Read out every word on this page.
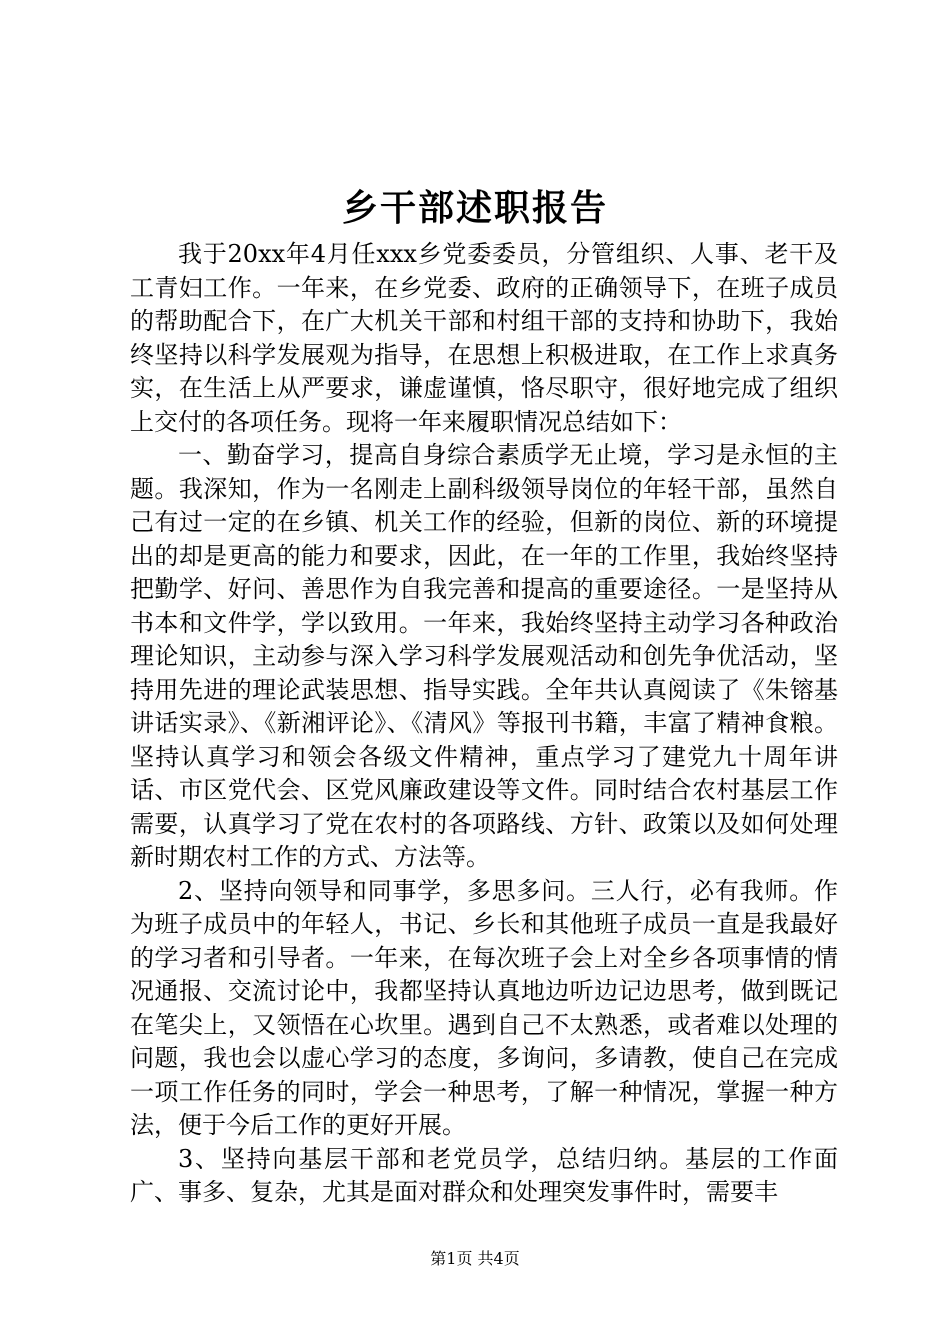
乡干部述职报告

我于20xx年4月任xxx乡党委委员，分管组织、人事、老干及工青妇工作。一年来，在乡党委、政府的正确领导下，在班子成员的帮助配合下，在广大机关干部和村组干部的支持和协助下，我始终坚持以科学发展观为指导，在思想上积极进取，在工作上求真务实，在生活上从严要求，谦虚谨慎，恪尽职守，很好地完成了组织上交付的各项任务。现将一年来履职情况总结如下：

一、勤奋学习，提高自身综合素质学无止境，学习是永恒的主题。我深知，作为一名刚走上副科级领导岗位的年轻干部，虽然自己有过一定的在乡镇、机关工作的经验，但新的岗位、新的环境提出的却是更高的能力和要求，因此，在一年的工作里，我始终坚持把勤学、好问、善思作为自我完善和提高的重要途径。一是坚持从书本和文件学，学以致用。一年来，我始终坚持主动学习各种政治理论知识，主动参与深入学习科学发展观活动和创先争优活动，坚持用先进的理论武装思想、指导实践。全年共认真阅读了《朱镕基讲话实录》、《新湘评论》、《清风》等报刊书籍，丰富了精神食粮。坚持认真学习和领会各级文件精神，重点学习了建党九十周年讲话、市区党代会、区党风廉政建设等文件。同时结合农村基层工作需要，认真学习了党在农村的各项路线、方针、政策以及如何处理新时期农村工作的方式、方法等。

2、坚持向领导和同事学，多思多问。三人行，必有我师。作为班子成员中的年轻人，书记、乡长和其他班子成员一直是我最好的学习者和引导者。一年来，在每次班子会上对全乡各项事情的情况通报、交流讨论中，我都坚持认真地边听边记边思考，做到既记在笔尖上，又领悟在心坎里。遇到自己不太熟悉，或者难以处理的问题，我也会以虚心学习的态度，多询问，多请教，使自己在完成一项工作任务的同时，学会一种思考，了解一种情况，掌握一种方法，便于今后工作的更好开展。

3、坚持向基层干部和老党员学，总结归纳。基层的工作面广、事多、复杂，尤其是面对群众和处理突发事件时，需要丰

第1页 共4页
